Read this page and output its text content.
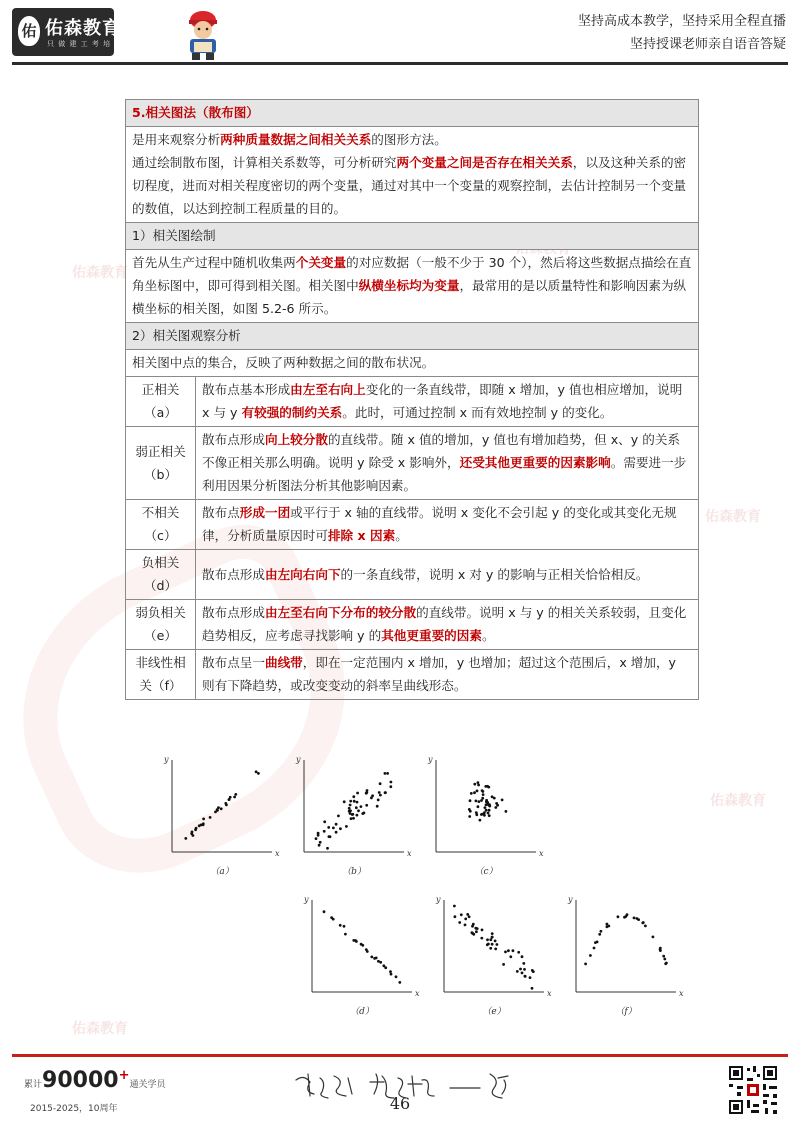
佑 佑森教育
只 做 建 工 考 培
坚持高成本教学，坚持采用全程直播
坚持授课老师亲自语音答疑
佑森教育
佑森教育
佑森教育
佑森教育
5.相关图法（散布图）	

是用来观察分析两种质量数据之间相关关系的图形方法。
通过绘制散布图，计算相关系数等，可分析研究两个变量之间是否存在相关关系，以及这种关系的密切程度，进而对相关程度密切的两个变量，通过对其中一个变量的观察控制，去估计控制另一个变量的数值，以达到控制工程质量的目的。	

1）相关图绘制	
首先从生产过程中随机收集两个关变量的对应数据（一般不少于 30 个），然后将这些数据点描绘在直角坐标图中，即可得到相关图。相关图中纵横坐标均为变量，最常用的是以质量特性和影响因素为纵横坐标的相关图，如图 5.2-6 所示。	
2）相关图观察分析	
相关图中点的集合，反映了两种数据之间的散布状况。	

正相关
（a）	散布点基本形成由左至右向上变化的一条直线带，即随 x 增加，y 值也相应增加，说明 x 与 y 有较强的制约关系。此时，可通过控制 x 而有效地控制 y 的变化。

弱正相关
（b）	散布点形成向上较分散的直线带。随 x 值的增加，y 值也有增加趋势，但 x、y 的关系不像正相关那么明确。说明 y 除受 x 影响外，还受其他更重要的因素影响。需要进一步利用因果分析图法分析其他影响因素。

不相关
（c）	散布点形成一团或平行于 x 轴的直线带。说明 x 变化不会引起 y 的变化或其变化无规律，分析质量原因时可排除 x 因素。

负相关
（d）	散布点形成由左向右向下的一条直线带，说明 x 对 y 的影响与正相关恰恰相反。

弱负相关
（e）	散布点形成由左至右向下分布的较分散的直线带。说明 x 与 y 的相关关系较弱，且变化趋势相反，应考虑寻找影响 y 的其他更重要的因素。

非线性相
关（f）	散布点呈一曲线带，即在一定范围内 x 增加，y 也增加；超过这个范围后，x 增加，y 则有下降趋势，或改变变动的斜率呈曲线形态。
x
y
（a）
x
y
（b）
x
y
（c）
x
y
（d）
x
y
（e）
x
y
（f）
累计90000+通关学员
2015-2025，10周年
专岗专训 精益求精 一路学
46
